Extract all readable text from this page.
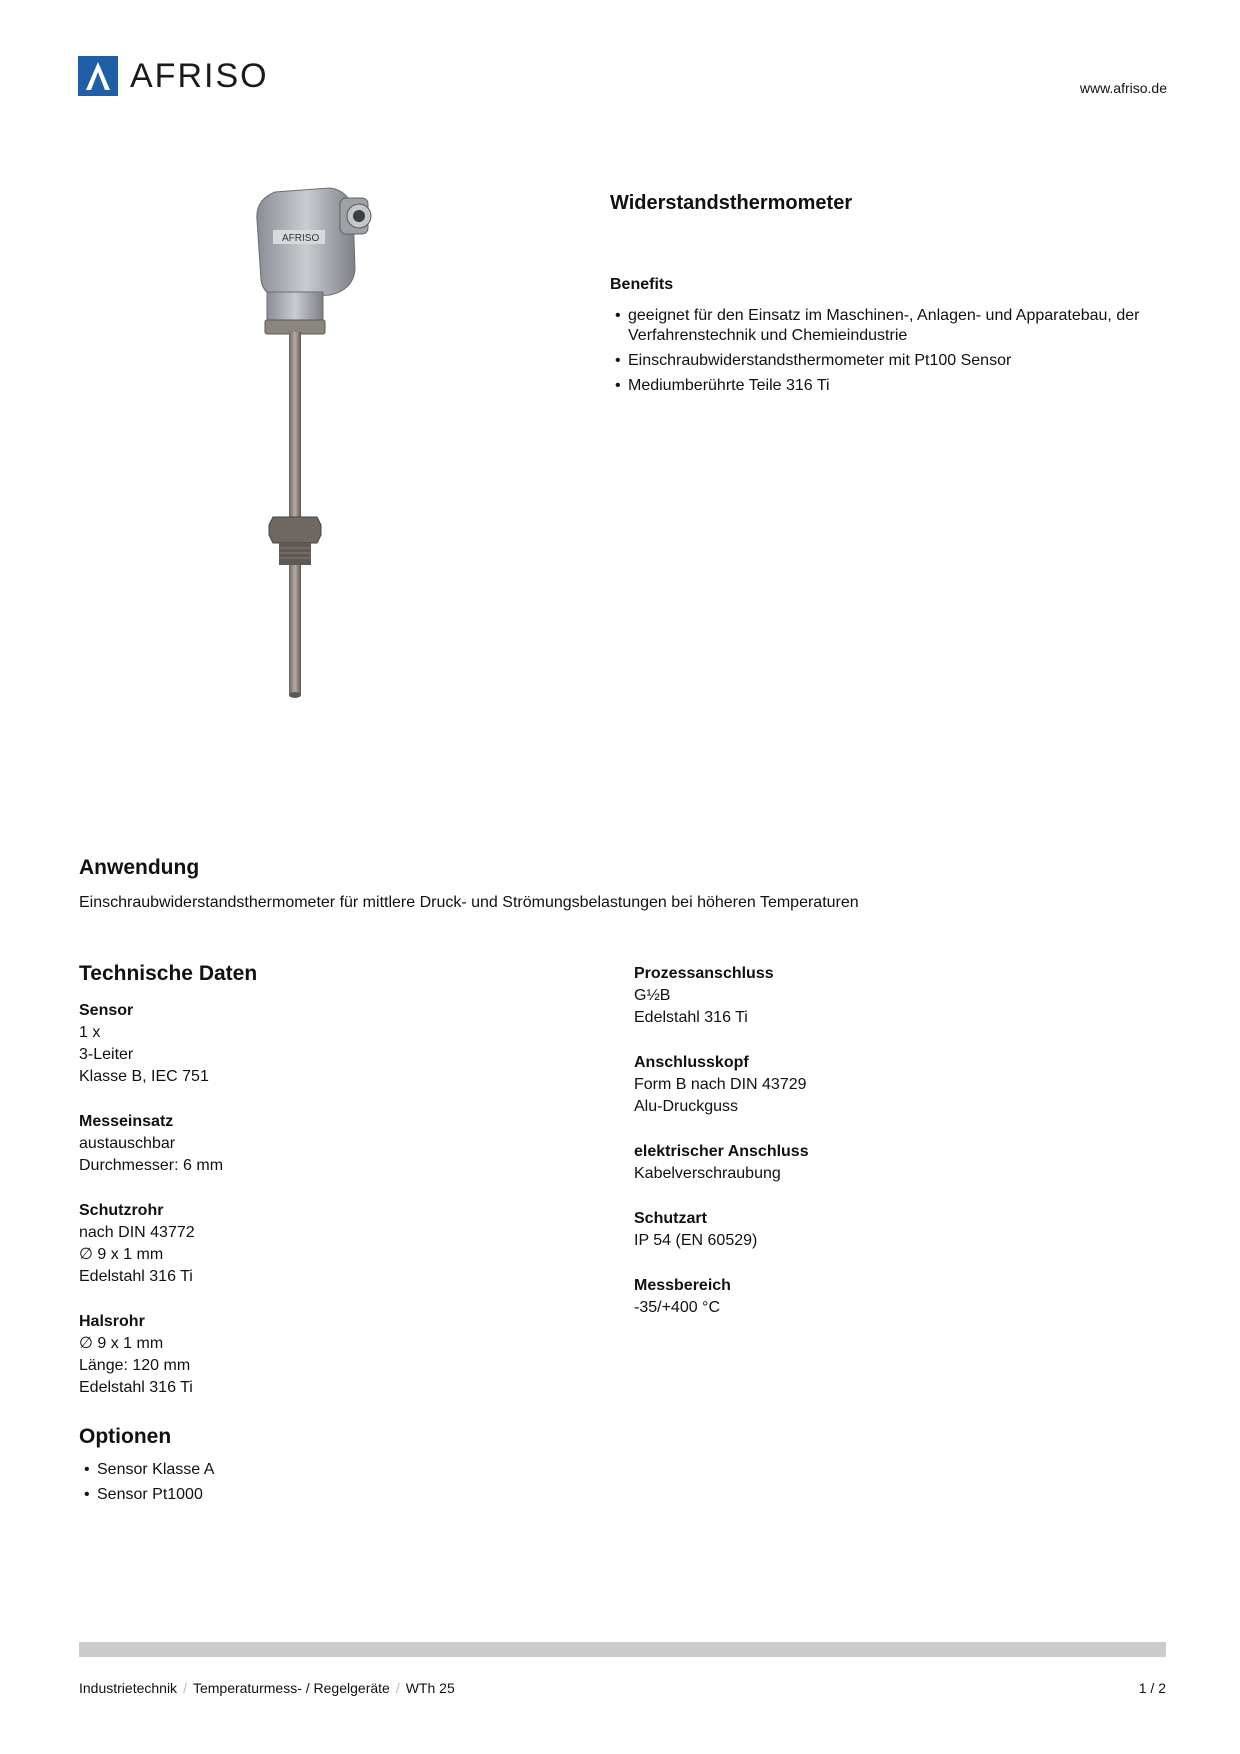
AFRISO	www.afriso.de
AFRISO
Widerstandsthermometer
Benefits
• geeignet für den Einsatz im Maschinen-, Anlagen- und Apparatebau, der Verfahrenstechnik und Chemieindustrie
• Einschraubwiderstandsthermometer mit Pt100 Sensor
• Mediumberührte Teile 316 Ti
Anwendung
Einschraubwiderstandsthermometer für mittlere Druck- und Strömungsbelastungen bei höheren Temperaturen
Technische Daten
Sensor
1 x
3-Leiter
Klasse B, IEC 751
Messeinsatz
austauschbar
Durchmesser: 6 mm
Schutzrohr
nach DIN 43772
∅ 9 x 1 mm
Edelstahl 316 Ti
Halsrohr
∅ 9 x 1 mm
Länge: 120 mm
Edelstahl 316 Ti
Prozessanschluss
G½B
Edelstahl 316 Ti
Anschlusskopf
Form B nach DIN 43729
Alu-Druckguss
elektrischer Anschluss
Kabelverschraubung
Schutzart
IP 54 (EN 60529)
Messbereich
-35/+400 °C
Optionen
• Sensor Klasse A
• Sensor Pt1000
Industrietechnik / Temperaturmess- / Regelgeräte / WTh 25	1 / 2
